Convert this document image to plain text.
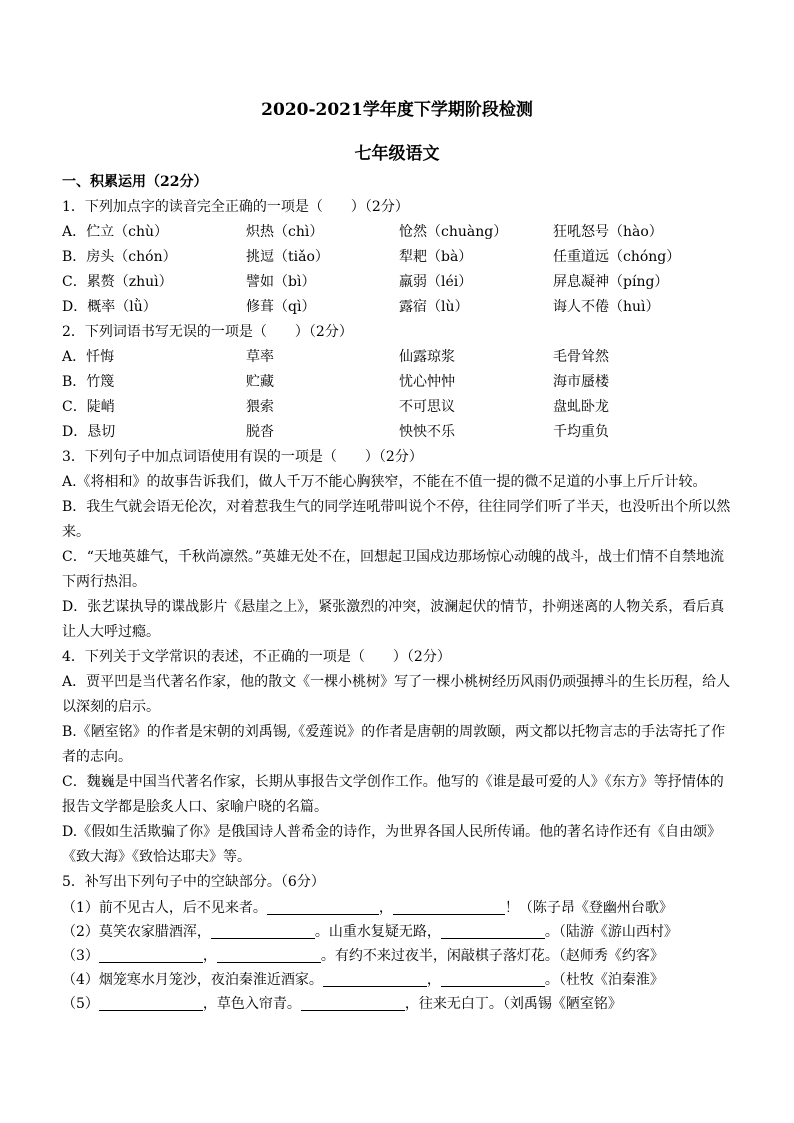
2020-2021学年度下学期阶段检测
七年级语文
一、积累运用（22分）
1．下列加点字的读音完全正确的一项是（　　）（2分）
A．伫立（chù）	炽热（chì）	怆然（chuàng）	狂吼怒号（hào）
B．房头（chón）	挑逗（tiǎo）	犁耙（bà）	任重道远（chóng）
C．累赘（zhuì）	譬如（bì）	羸弱（léi）	屏息凝神（píng）
D．概率（lǜ）	修葺（qì）	露宿（lù）	诲人不倦（huì）
2．下列词语书写无误的一项是（　　）（2分）
A．忏悔	草率	仙露琼浆	毛骨耸然
B．竹篾	贮藏	忧心忡忡	海市蜃楼
C．陡峭	猥索	不可思议	盘虬卧龙
D．恳切	脱沓	怏怏不乐	千均重负
3．下列句子中加点词语使用有误的一项是（　　）（2分）
A.《将相和》的故事告诉我们，做人千万不能心胸狭窄，不能在不值一提的微不足道的小事上斤斤计较。
B．我生气就会语无伦次，对着惹我生气的同学连吼带叫说个不停，往往同学们听了半天，也没听出个所以然
来。
C．“天地英雄气，千秋尚凛然。”英雄无处不在，回想起卫国戍边那场惊心动魄的战斗，战士们情不自禁地流
下两行热泪。
D．张艺谋执导的谍战影片《悬崖之上》，紧张激烈的冲突，波澜起伏的情节，扑朔迷离的人物关系，看后真
让人大呼过瘾。
4．下列关于文学常识的表述，不正确的一项是（　　）（2分）
A．贾平凹是当代著名作家，他的散文《一棵小桃树》写了一棵小桃树经历风雨仍顽强搏斗的生长历程，给人
以深刻的启示。
B.《陋室铭》的作者是宋朝的刘禹锡,《爱莲说》的作者是唐朝的周敦颐，两文都以托物言志的手法寄托了作
者的志向。
C．魏巍是中国当代著名作家，长期从事报告文学创作工作。他写的《谁是最可爱的人》《东方》等抒情体的
报告文学都是脍炙人口、家喻户晓的名篇。
D.《假如生活欺骗了你》是俄国诗人普希金的诗作，为世界各国人民所传诵。他的著名诗作还有《自由颂》
《致大海》《致恰达耶夫》等。
5．补写出下列句子中的空缺部分。（6分）
（1）前不见古人，后不见来者。	，	！（陈子昂《登幽州台歌》
（2）莫笑农家腊酒浑，	。山重水复疑无路，	。（陆游《游山西村》
（3）	，	。有约不来过夜半，闲敲棋子落灯花。（赵师秀《约客》
（4）烟笼寒水月笼沙，夜泊秦淮近酒家。	，	。（杜牧《泊秦淮》
（5）	，草色入帘青。	，往来无白丁。（刘禹锡《陋室铭》
